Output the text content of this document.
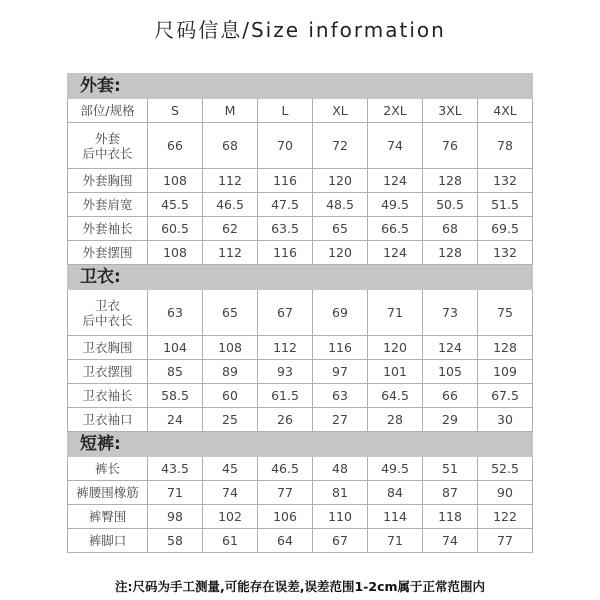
尺码信息/Size information
外套:							
部位/规格	S	M	L	XL	2XL	3XL	4XL
外套
后中衣长	66	68	70	72	74	76	78
外套胸围	108	112	116	120	124	128	132
外套肩宽	45.5	46.5	47.5	48.5	49.5	50.5	51.5
外套袖长	60.5	62	63.5	65	66.5	68	69.5
外套摆围	108	112	116	120	124	128	132
卫衣:							
卫衣
后中衣长	63	65	67	69	71	73	75
卫衣胸围	104	108	112	116	120	124	128
卫衣摆围	85	89	93	97	101	105	109
卫衣袖长	58.5	60	61.5	63	64.5	66	67.5
卫衣袖口	24	25	26	27	28	29	30
短裤:							
裤长	43.5	45	46.5	48	49.5	51	52.5
裤腰围橡筋	71	74	77	81	84	87	90
裤臀围	98	102	106	110	114	118	122
裤脚口	58	61	64	67	71	74	77
注:尺码为手工测量,可能存在误差,误差范围1-2cm属于正常范围内
